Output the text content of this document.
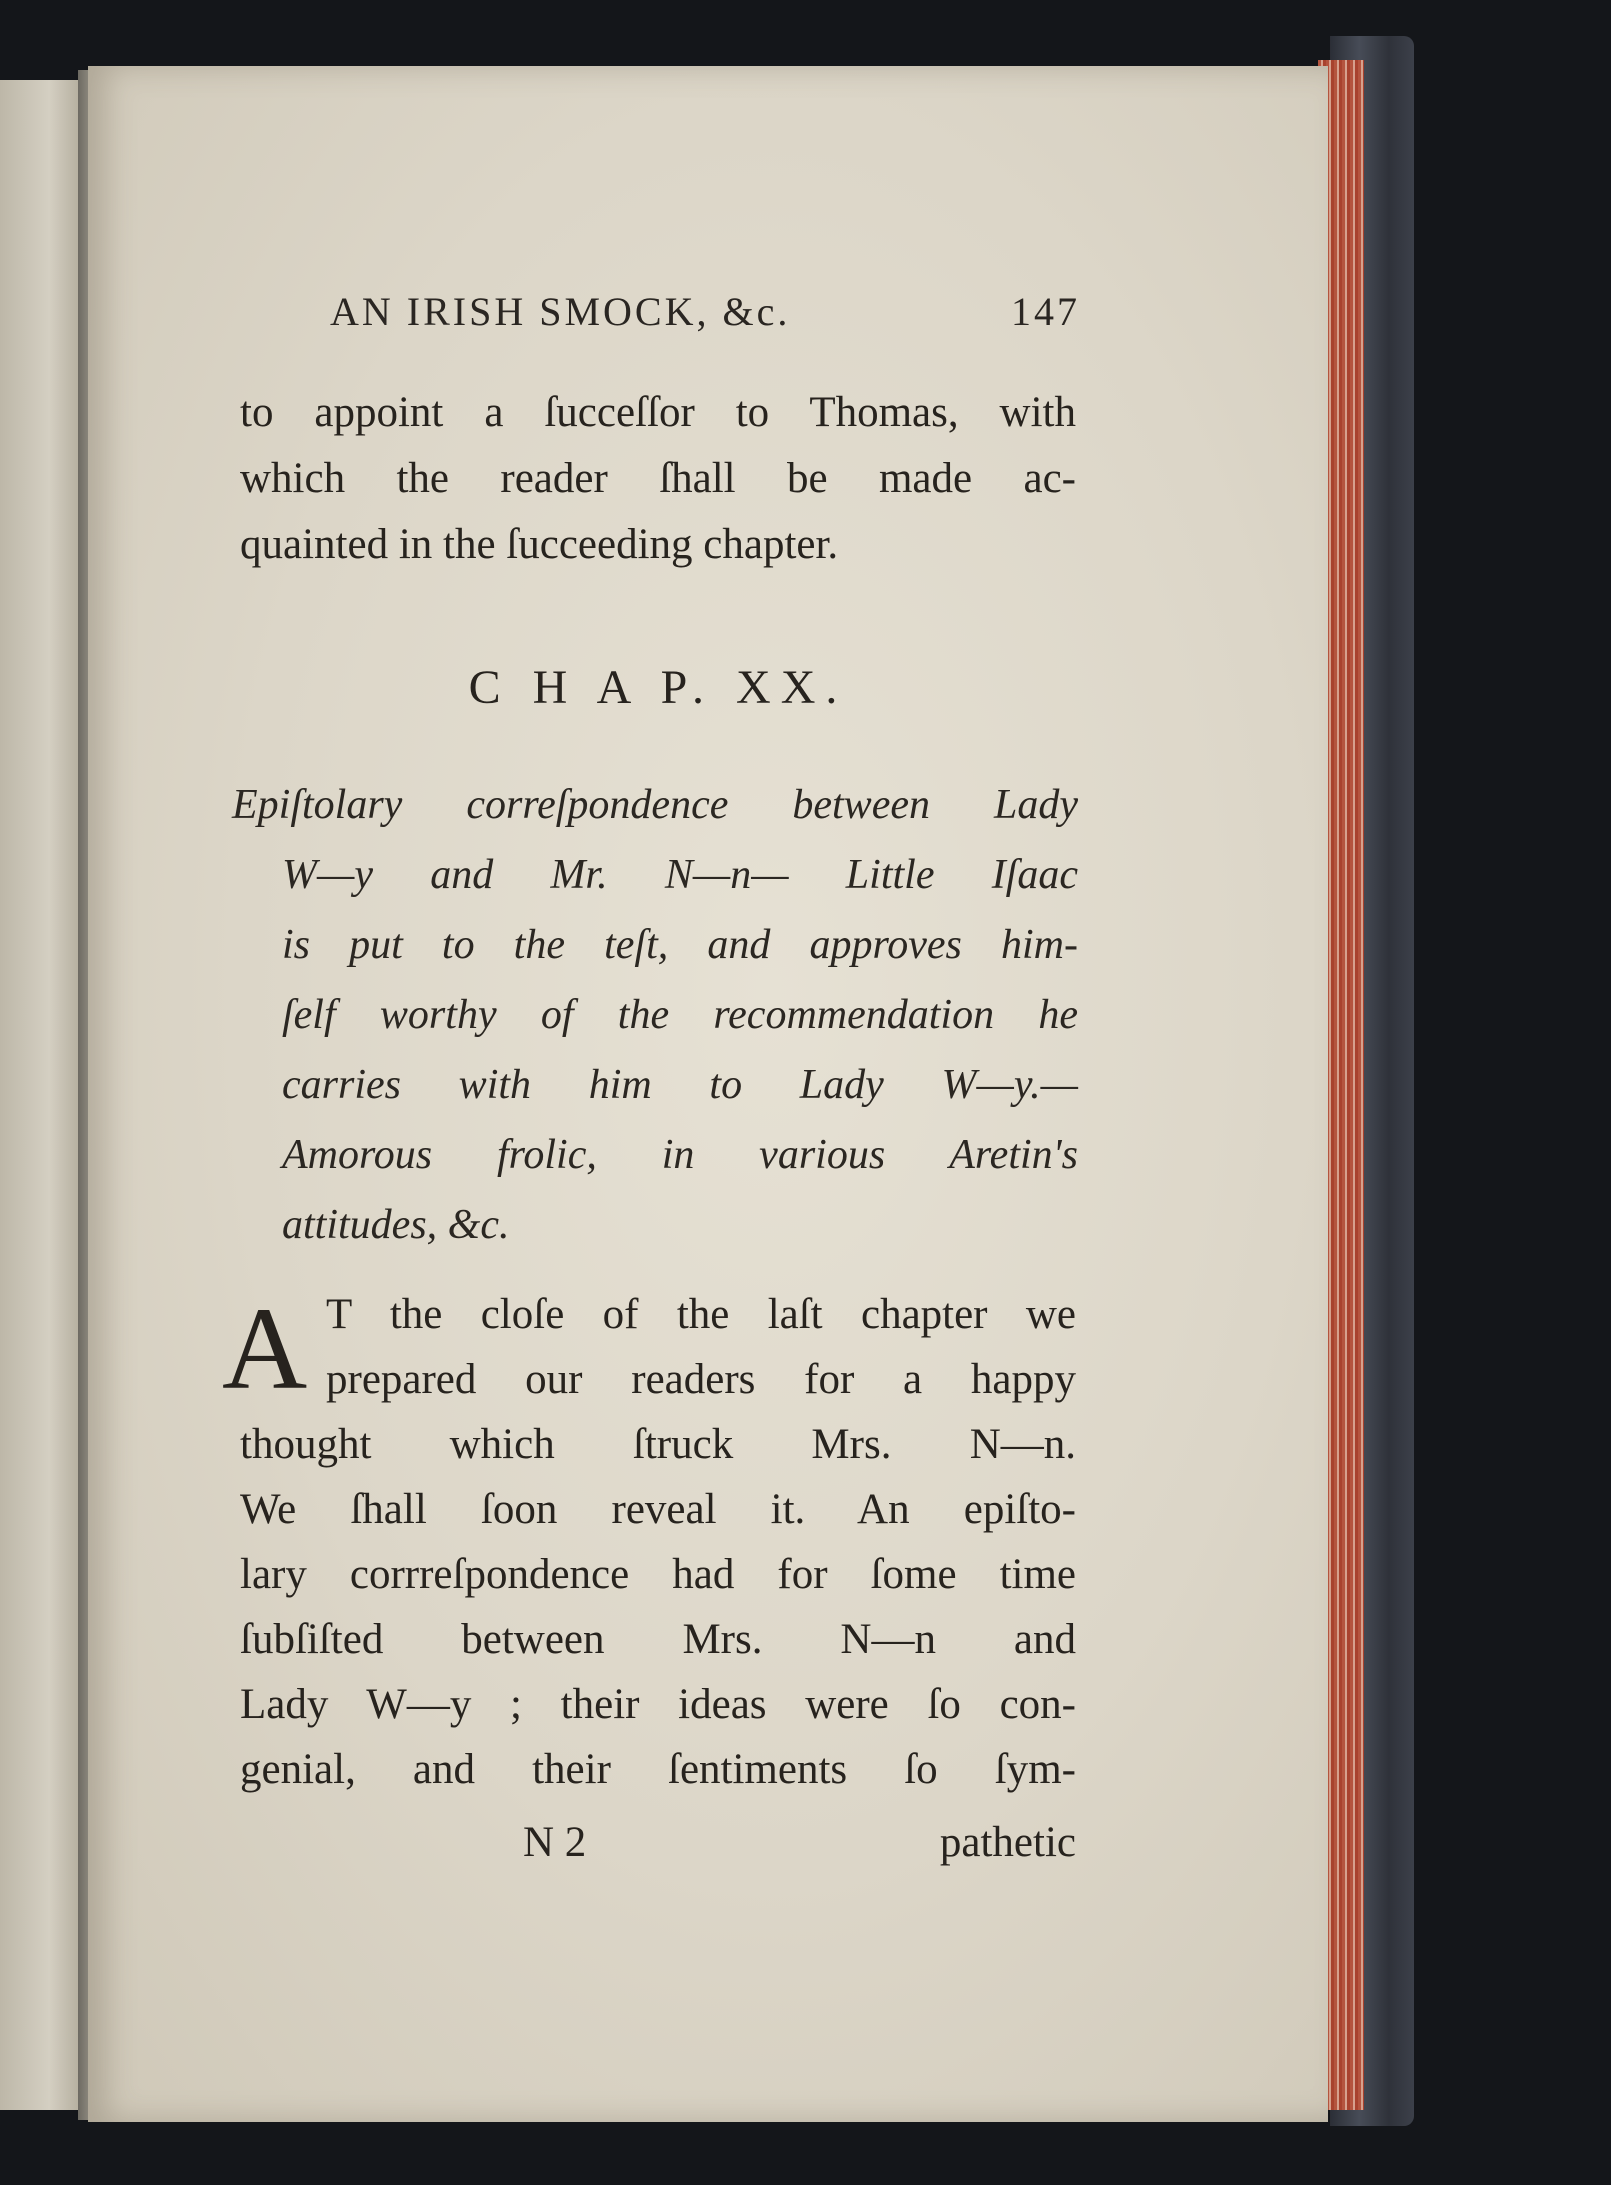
AN IRISH SMOCK, &c.	147
to appoint a ſucceſſor to Thomas, with
which the reader ſhall be made ac-
quainted in the ſucceeding chapter.
C H A P. XX.
Epiſtolary correſpondence between Lady
W—y and Mr. N—n— Little Iſaac
is put to the teſt, and approves him-
ſelf worthy of the recommendation he
carries with him to Lady W—y.—
Amorous frolic, in various Aretin's
attitudes, &c.
A T the cloſe of the laſt chapter we
prepared our readers for a happy
thought which ſtruck Mrs. N—n.
We ſhall ſoon reveal it. An epiſto-
lary corrreſpondence had for ſome time
ſubſiſted between Mrs. N—n and
Lady W—y ; their ideas were ſo con-
genial, and their ſentiments ſo ſym-
N 2	pathetic
